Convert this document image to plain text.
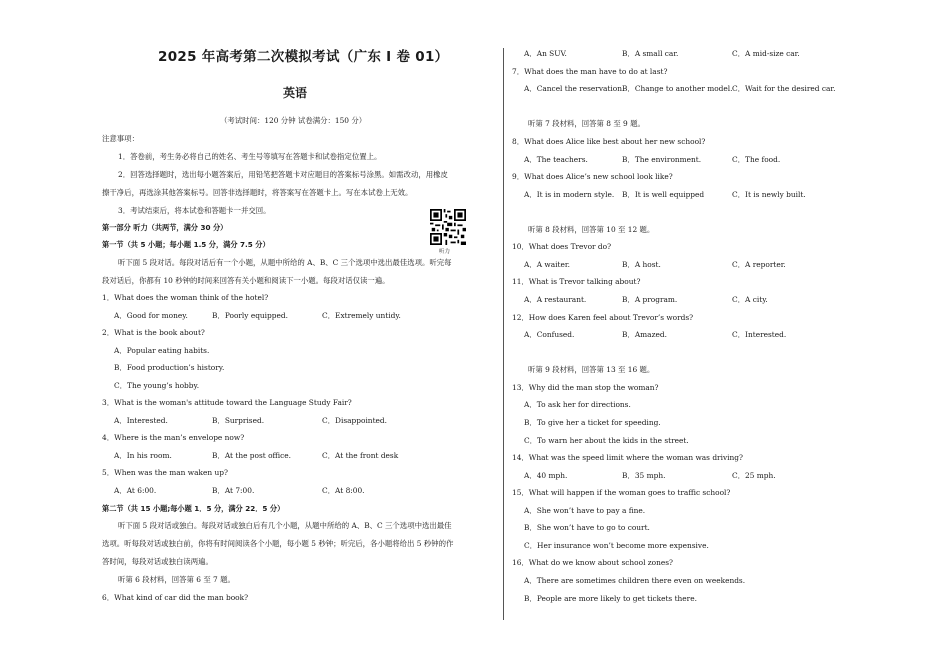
2025 年高考第二次模拟考试（广东 I 卷 01）
英语
（考试时间：120 分钟 试卷满分：150 分）
注意事项：
1．答卷前，考生务必将自己的姓名、考生号等填写在答题卡和试卷指定位置上。
2．回答选择题时，选出每小题答案后，用铅笔把答题卡对应题目的答案标号涂黑。如需改动，用橡皮
擦干净后，再选涂其他答案标号。回答非选择题时，将答案写在答题卡上。写在本试卷上无效。
3．考试结束后，将本试卷和答题卡一并交回。
第一部分 听力（共两节，满分 30 分）
听力
第一节（共 5 小题；每小题 1.5 分，满分 7.5 分）
听下面 5 段对话。每段对话后有一个小题，从题中所给的 A、B、C 三个选项中选出最佳选项。听完每
段对话后，你都有 10 秒钟的时间来回答有关小题和阅读下一小题。每段对话仅读一遍。
1．What does the woman think of the hotel?
A．Good for money.	B．Poorly equipped.	C．Extremely untidy.
2．What is the book about?
A．Popular eating habits.
B．Food production’s history.
C．The young’s hobby.
3．What is the woman's attitude toward the Language Study Fair?
A．Interested.	B．Surprised.	C．Disappointed.
4．Where is the man’s envelope now?
A．In his room.	B．At the post office.	C．At the front desk
5．When was the man waken up?
A．At 6:00.	B．At 7:00.	C．At 8:00.
第二节（共 15 小题;每小题 1．5 分，满分 22．5 分）
听下面 5 段对话或独白。每段对话或独白后有几个小题，从题中所给的 A、B、C 三个选项中选出最佳
选项。听每段对话或独白前，你将有时间阅读各个小题，每小题 5 秒钟；听完后，各小题将给出 5 秒钟的作
答时间，每段对话或独白读两遍。
听第 6 段材料，回答第 6 至 7 题。
6．What kind of car did the man book?
A．An SUV.	B．A small car.	C．A mid-size car.
7．What does the man have to do at last?
A．Cancel the reservation.
B．Change to another model. C．Wait for the desired car.
听第 7 段材料，回答第 8 至 9 题。
8．What does Alice like best about her new school?
A．The teachers.	B．The environment.	C．The food.
9．What does Alice’s new school look like?
A．It is in modern style. B．It is well equipped	C．It is newly built.
听第 8 段材料，回答第 10 至 12 题。
10．What does Trevor do?
A．A waiter.	B．A host.	C．A reporter.
11．What is Trevor talking about?
A．A restaurant.	B．A program.	C．A city.
12．How does Karen feel about Trevor’s words?
A．Confused.	B．Amazed.	C．Interested.
听第 9 段材料，回答第 13 至 16 题。
13．Why did the man stop the woman?
A．To ask her for directions.
B．To give her a ticket for speeding.
C．To warn her about the kids in the street.
14．What was the speed limit where the woman was driving?
A．40 mph.	B．35 mph.	C．25 mph.
15．What will happen if the woman goes to traffic school?
A．She won’t have to pay a fine.
B．She won’t have to go to court.
C．Her insurance won’t become more expensive.
16．What do we know about school zones?
A．There are sometimes children there even on weekends.
B．People are more likely to get tickets there.
